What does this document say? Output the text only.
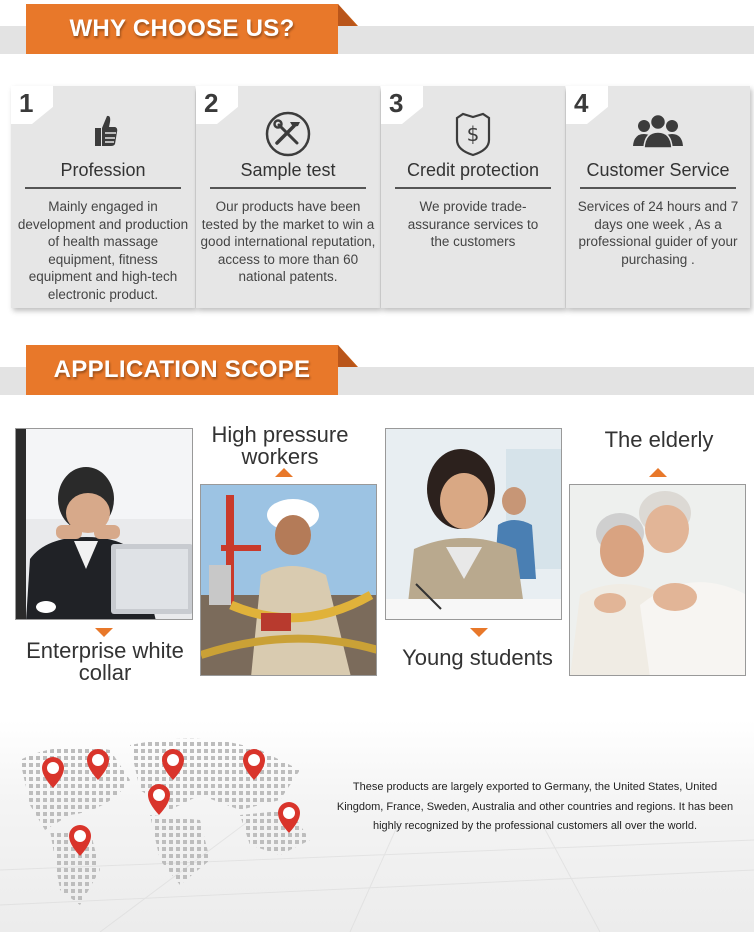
WHY CHOOSE US?
1
Profession
Mainly engaged in development and production of health massage equipment, fitness equipment and high-tech electronic product.
2
Sample test
Our products have been tested by the market to win a good international reputation, access to more than 60 national patents.
3
$
Credit protection
We provide trade-assurance services to the customers
4
Customer Service
Services of 24 hours and 7 days one week , As a professional guider of your purchasing .
APPLICATION SCOPE
Enterprise white collar
High pressure workers
Young students
The elderly
These products are largely exported to Germany, the United States, United Kingdom, France, Sweden, Australia and other countries and regions. It has been highly recognized by the professional customers all over the world.
